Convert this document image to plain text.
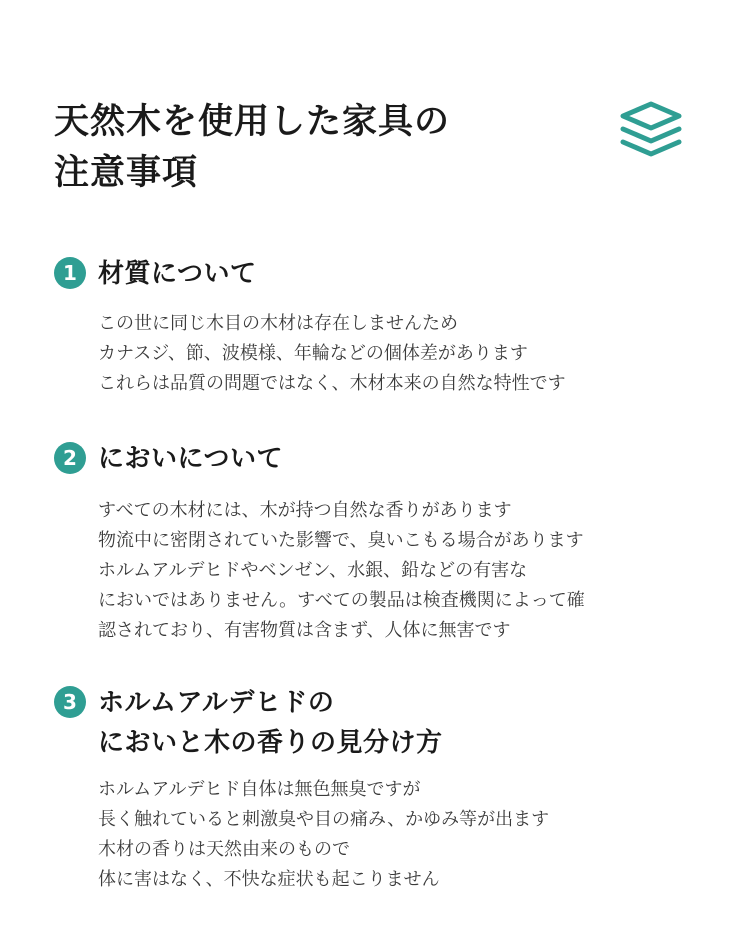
天然木を使用した家具の
注意事項
1 材質について

この世に同じ木目の木材は存在しませんため
カナスジ、節、波模様、年輪などの個体差があります
これらは品質の問題ではなく、木材本来の自然な特性です

2 においについて

すべての木材には、木が持つ自然な香りがあります
物流中に密閉されていた影響で、臭いこもる場合があります
ホルムアルデヒドやベンゼン、水銀、鉛などの有害な
においではありません。すべての製品は検査機関によって確
認されており、有害物質は含まず、人体に無害です

3 ホルムアルデヒドの
においと木の香りの見分け方

ホルムアルデヒド自体は無色無臭ですが
長く触れていると刺激臭や目の痛み、かゆみ等が出ます
木材の香りは天然由来のもので
体に害はなく、不快な症状も起こりません
